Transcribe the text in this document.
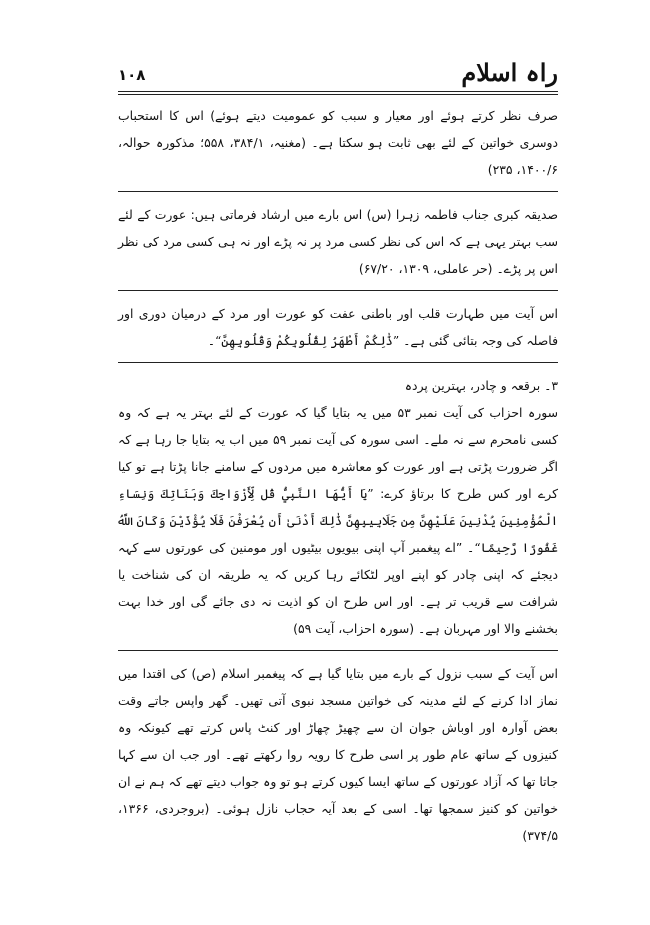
راہ اسلام
۱۰۸

صرف نظر کرتے ہوئے اور معیار و سبب کو عمومیت دیتے ہوئے) اس کا استحباب دوسری خواتین کے لئے بھی ثابت ہو سکتا ہے۔ (مغنیہ، ۳۸۴/۱، ۵۵۸؛ مذکورہ حوالہ، ۱۴۰۰/۶، ۲۳۵)

صدیقہ کبری جناب فاطمہ زہرا (س) اس بارے میں ارشاد فرماتی ہیں: عورت کے لئے سب بہتر یہی ہے کہ اس کی نظر کسی مرد پر نہ پڑے اور نہ ہی کسی مرد کی نظر اس پر پڑے۔ (حر عاملی، ۱۳۰۹، ۶۷/۲۰)

اس آیت میں طہارت قلب اور باطنی عفت کو عورت اور مرد کے درمیان دوری اور فاصلہ کی وجہ بتائی گئی ہے۔ ”ذَٰلِكُمْ أَطْهَرُ لِقُلُوبِكُمْ وَقُلُوبِهِنَّ“۔

۳۔ برقعہ و چادر، بہترین پردہ

سورہ احزاب کی آیت نمبر ۵۳ میں یہ بتایا گیا کہ عورت کے لئے بہتر یہ ہے کہ وہ کسی نامحرم سے نہ ملے۔ اسی سورہ کی آیت نمبر ۵۹ میں اب یہ بتایا جا رہا ہے کہ اگر ضرورت پڑتی ہے اور عورت کو معاشرہ میں مردوں کے سامنے جانا پڑتا ہے تو کیا کرے اور کس طرح کا برتاؤ کرے: ”يَا أَيُّهَا النَّبِيُّ قُل لِّأَزْوَاجِكَ وَبَنَاتِكَ وَنِسَاءِ الْمُؤْمِنِينَ يُدْنِينَ عَلَيْهِنَّ مِن جَلَابِيبِهِنَّ ذَٰلِكَ أَدْنَىٰ أَن يُعْرَفْنَ فَلَا يُؤْذَيْنَ وَكَانَ اللَّهُ غَفُورًا رَّحِيمًا“۔ ”اے پیغمبر آپ اپنی بیویوں بیٹیوں اور مومنین کی عورتوں سے کہہ دیجئے کہ اپنی چادر کو اپنے اوپر لٹکائے رہا کریں کہ یہ طریقہ ان کی شناخت یا شرافت سے قریب تر ہے۔ اور اس طرح ان کو اذیت نہ دی جائے گی اور خدا بہت بخشنے والا اور مہربان ہے۔ (سورہ احزاب، آیت ۵۹)

اس آیت کے سبب نزول کے بارے میں بتایا گیا ہے کہ پیغمبر اسلام (ص) کی اقتدا میں نماز ادا کرنے کے لئے مدینہ کی خواتین مسجد نبوی آتی تھیں۔ گھر واپس جاتے وقت بعض آوارہ اور اوباش جوان ان سے چھیڑ چھاڑ اور کنٹ پاس کرتے تھے کیونکہ وہ کنیزوں کے ساتھ عام طور پر اسی طرح کا رویہ روا رکھتے تھے۔ اور جب ان سے کہا جاتا تھا کہ آزاد عورتوں کے ساتھ ایسا کیوں کرتے ہو تو وہ جواب دیتے تھے کہ ہم نے ان خواتین کو کنیز سمجھا تھا۔ اسی کے بعد آیہ حجاب نازل ہوئی۔ (بروجردی، ۱۳۶۶، ۳۷۴/۵)
